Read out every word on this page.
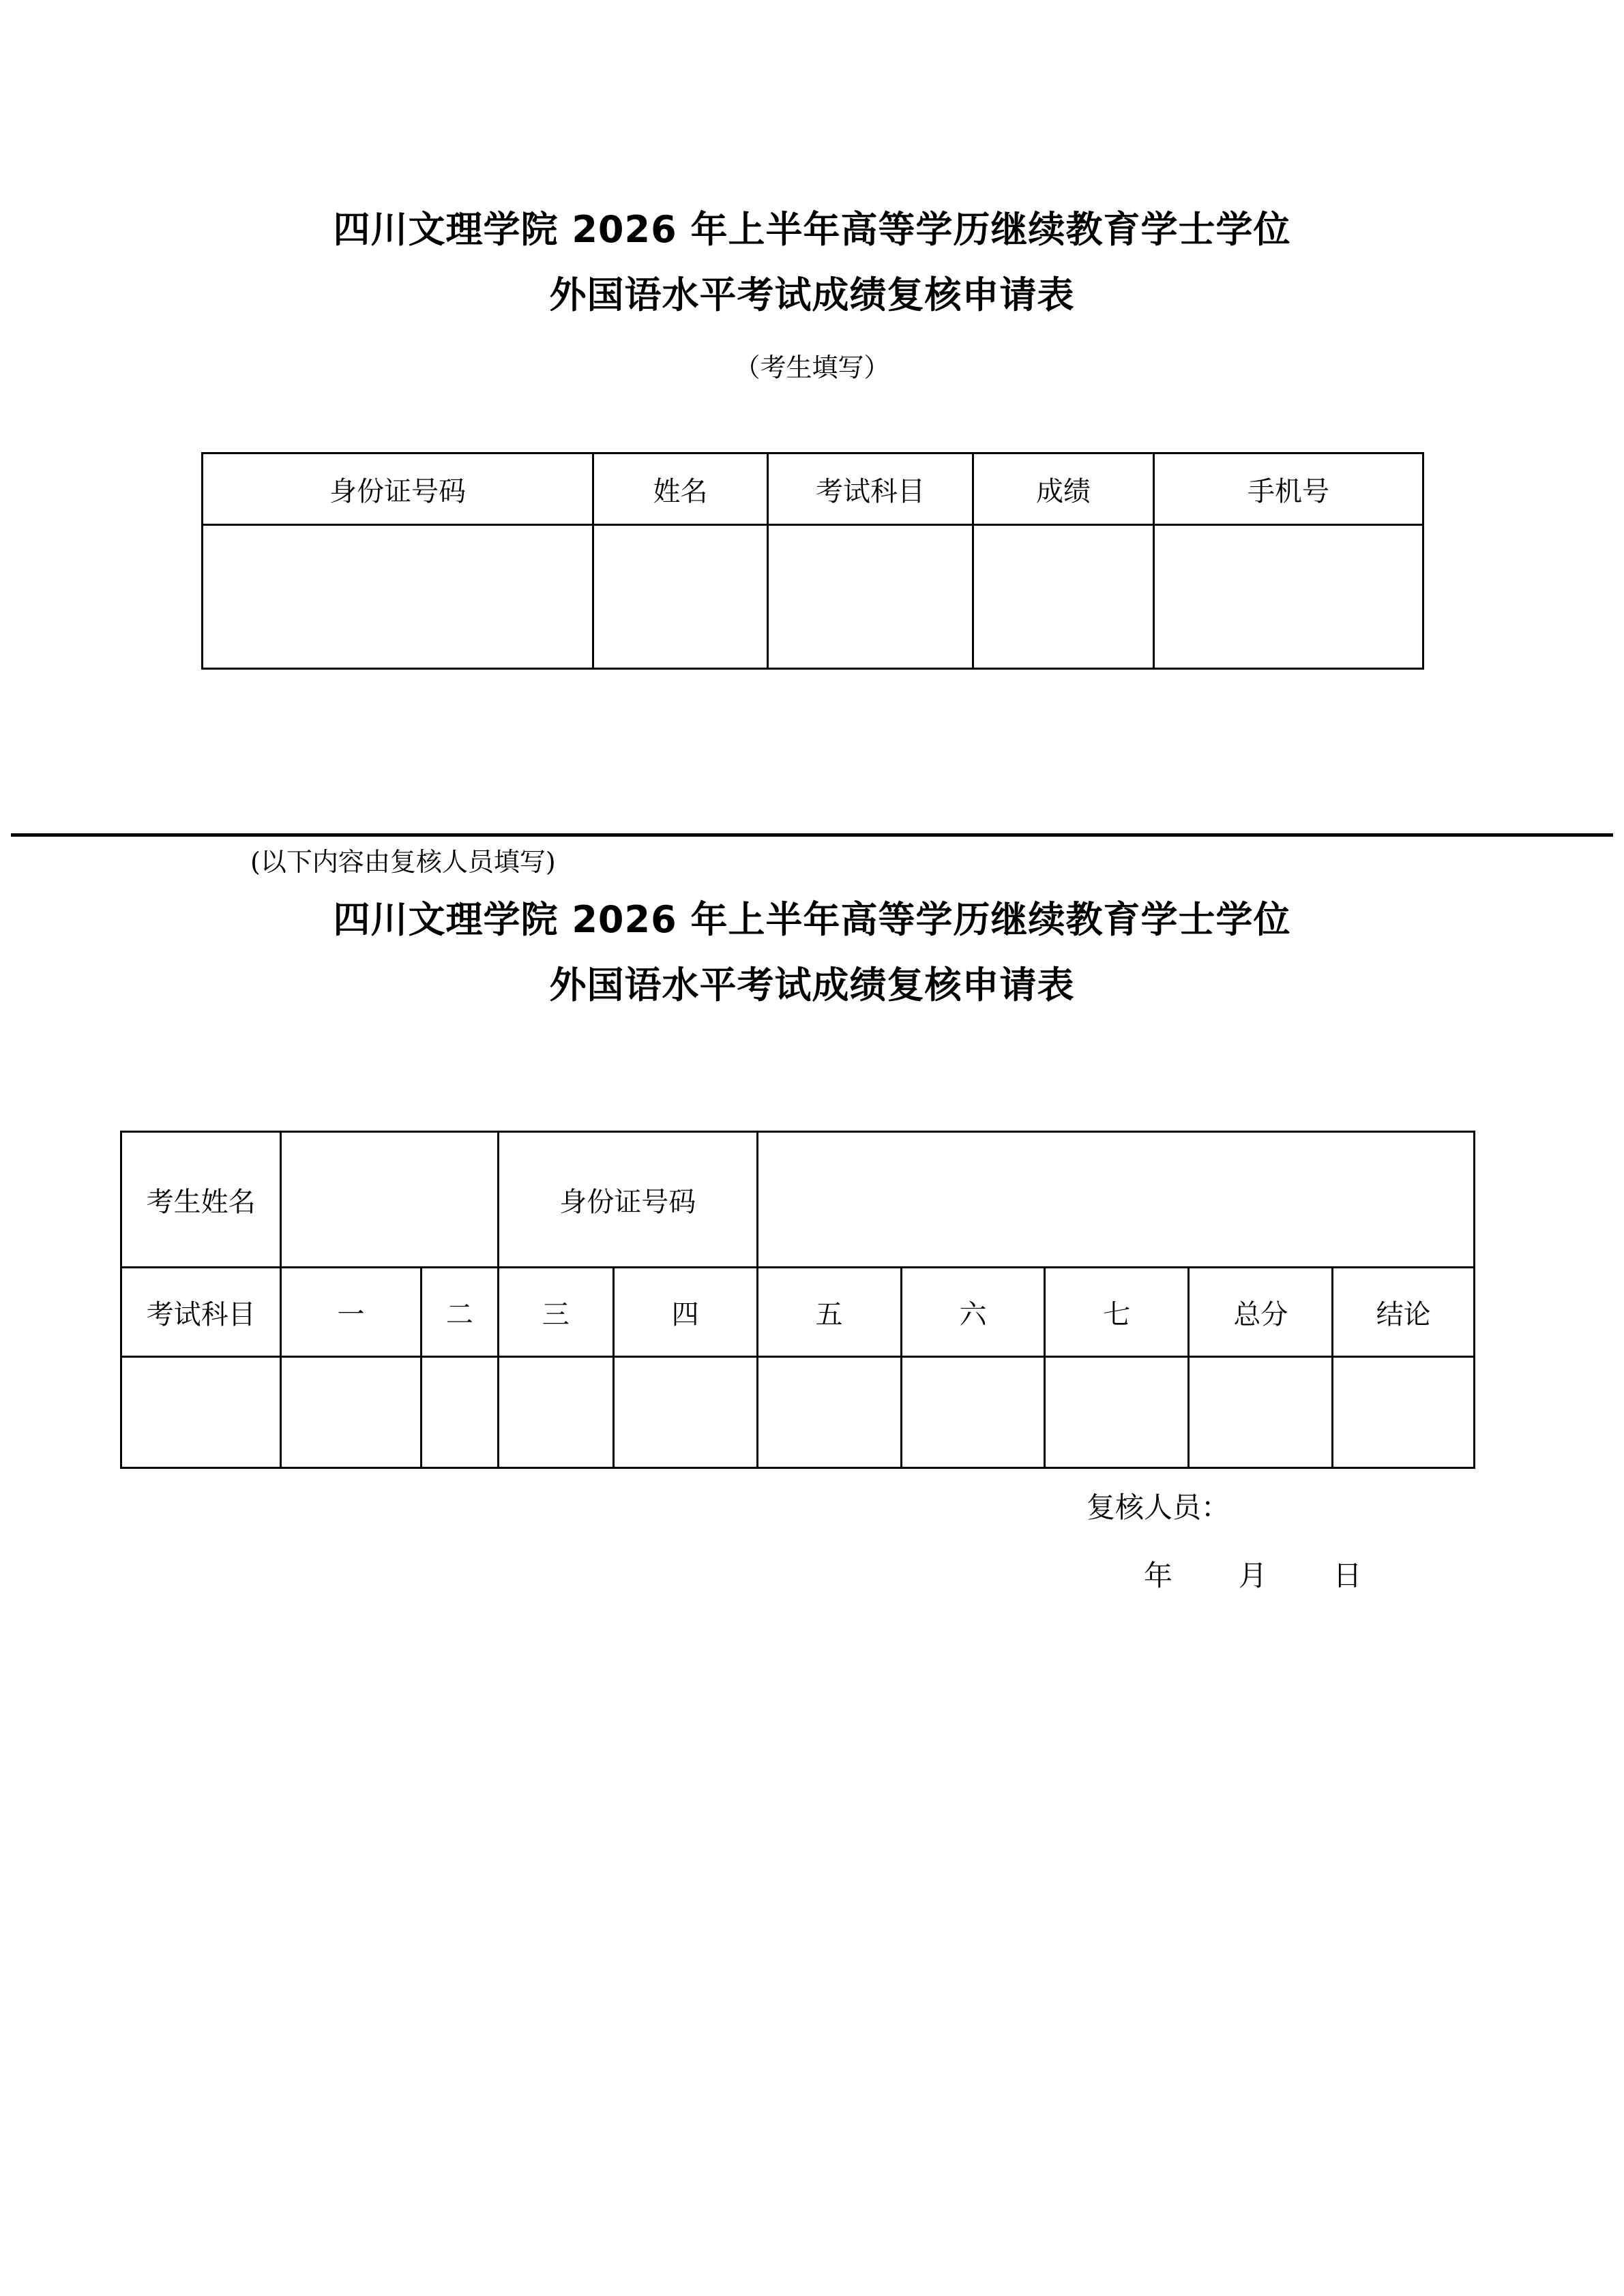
四川文理学院 2026 年上半年高等学历继续教育学士学位
外国语水平考试成绩复核申请表
（考生填写）
身份证号码	姓名	考试科目	成绩	手机号

(以下内容由复核人员填写)
四川文理学院 2026 年上半年高等学历继续教育学士学位
外国语水平考试成绩复核申请表
考生姓名			身份证号码						
考试科目	一	二	三	四	五	六	七	总分	结论

复核人员：
年 月 日
